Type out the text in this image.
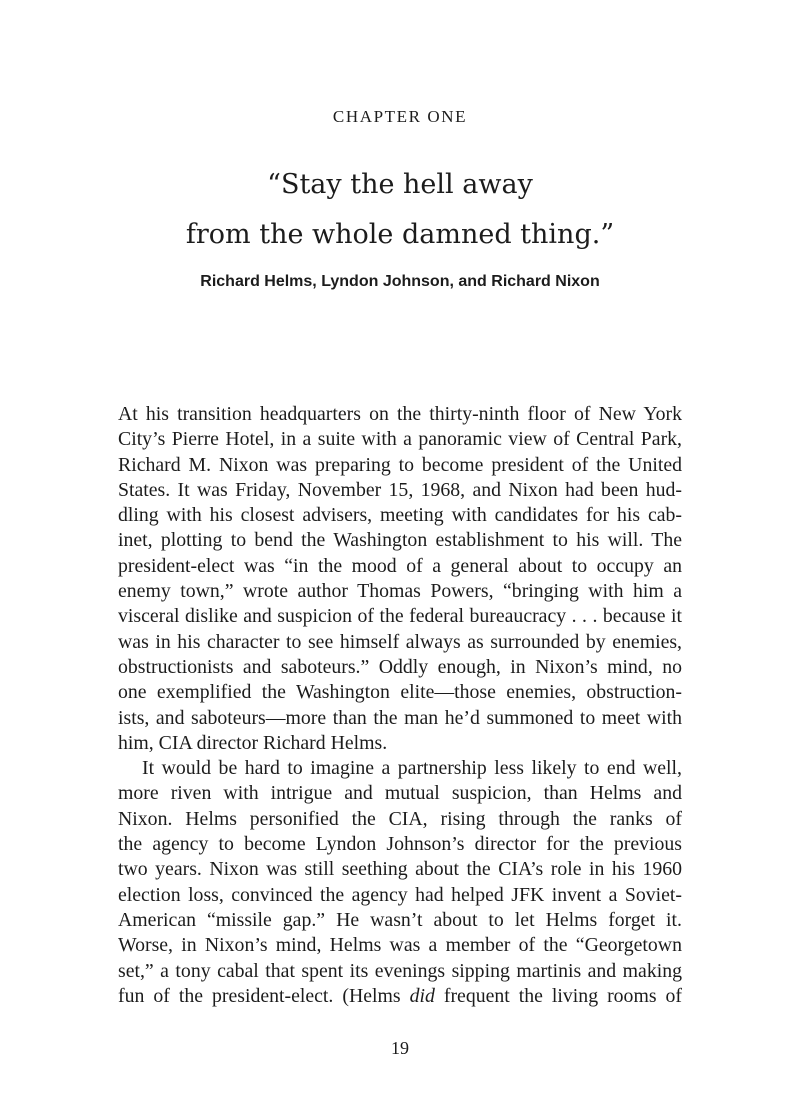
CHAPTER ONE
“Stay the hell away
from the whole damned thing.”
Richard Helms, Lyndon Johnson, and Richard Nixon
At his transition headquarters on the thirty-ninth floor of New York
City’s Pierre Hotel, in a suite with a panoramic view of Central Park,
Richard M. Nixon was preparing to become president of the United
States. It was Friday, November 15, 1968, and Nixon had been hud-
dling with his closest advisers, meeting with candidates for his cab-
inet, plotting to bend the Washington establishment to his will. The
president-elect was “in the mood of a general about to occupy an
enemy town,” wrote author Thomas Powers, “bringing with him a
visceral dislike and suspicion of the federal bureaucracy . . . because it
was in his character to see himself always as surrounded by enemies,
obstructionists and saboteurs.” Oddly enough, in Nixon’s mind, no
one exemplified the Washington elite—those enemies, obstruction-
ists, and saboteurs—more than the man he’d summoned to meet with
him, CIA director Richard Helms.
It would be hard to imagine a partnership less likely to end well,
more riven with intrigue and mutual suspicion, than Helms and
Nixon. Helms personified the CIA, rising through the ranks of
the agency to become Lyndon Johnson’s director for the previous
two years. Nixon was still seething about the CIA’s role in his 1960
election loss, convinced the agency had helped JFK invent a Soviet-
American “missile gap.” He wasn’t about to let Helms forget it.
Worse, in Nixon’s mind, Helms was a member of the “Georgetown
set,” a tony cabal that spent its evenings sipping martinis and making
fun of the president-elect. (Helms did frequent the living rooms of
19
